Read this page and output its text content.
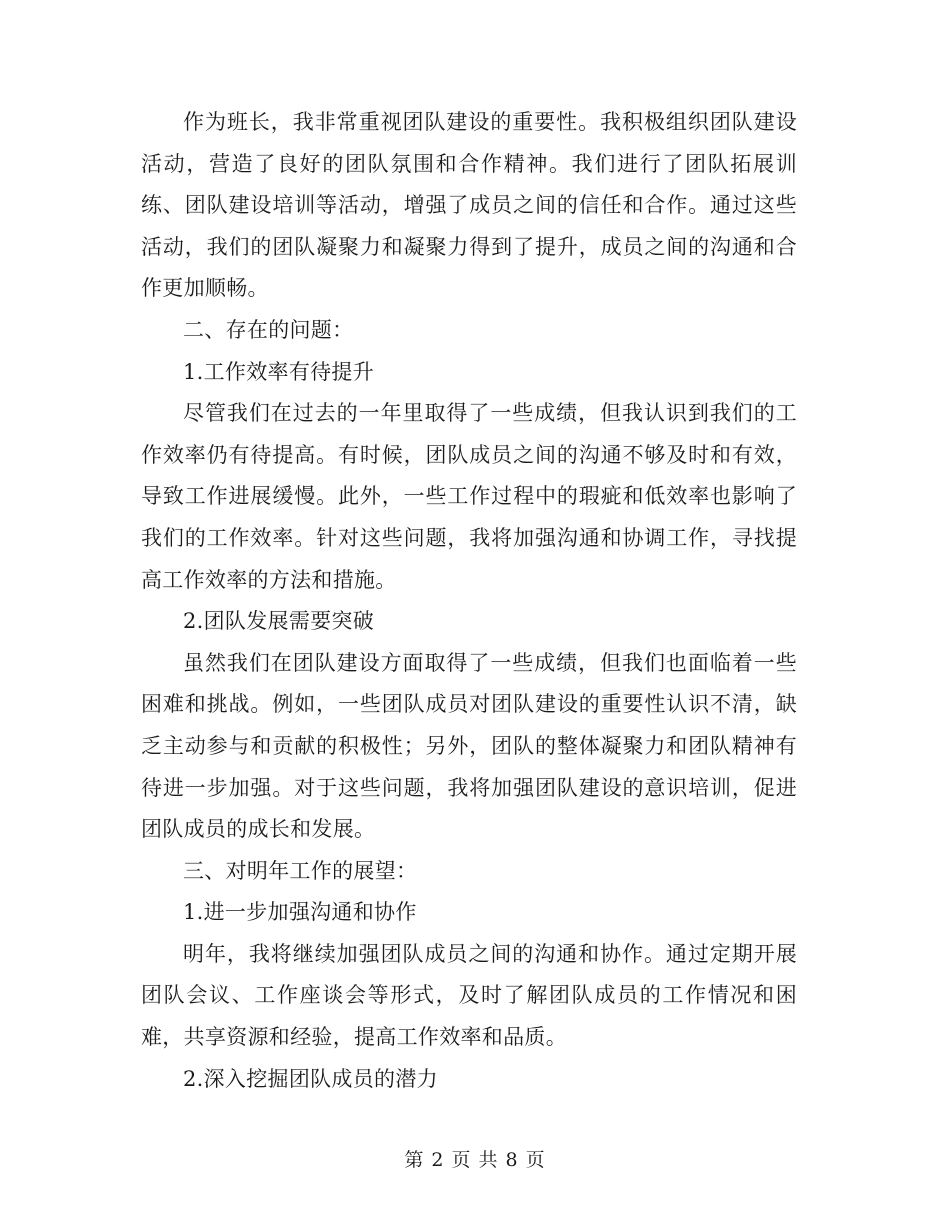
作为班长，我非常重视团队建设的重要性。我积极组织团队建设活动，营造了良好的团队氛围和合作精神。我们进行了团队拓展训练、团队建设培训等活动，增强了成员之间的信任和合作。通过这些活动，我们的团队凝聚力和凝聚力得到了提升，成员之间的沟通和合作更加顺畅。

二、存在的问题：

1.工作效率有待提升

尽管我们在过去的一年里取得了一些成绩，但我认识到我们的工作效率仍有待提高。有时候，团队成员之间的沟通不够及时和有效，导致工作进展缓慢。此外，一些工作过程中的瑕疵和低效率也影响了我们的工作效率。针对这些问题，我将加强沟通和协调工作，寻找提高工作效率的方法和措施。

2.团队发展需要突破

虽然我们在团队建设方面取得了一些成绩，但我们也面临着一些困难和挑战。例如，一些团队成员对团队建设的重要性认识不清，缺乏主动参与和贡献的积极性；另外，团队的整体凝聚力和团队精神有待进一步加强。对于这些问题，我将加强团队建设的意识培训，促进团队成员的成长和发展。

三、对明年工作的展望：

1.进一步加强沟通和协作

明年，我将继续加强团队成员之间的沟通和协作。通过定期开展团队会议、工作座谈会等形式，及时了解团队成员的工作情况和困难，共享资源和经验，提高工作效率和品质。

2.深入挖掘团队成员的潜力

第 2 页 共 8 页
